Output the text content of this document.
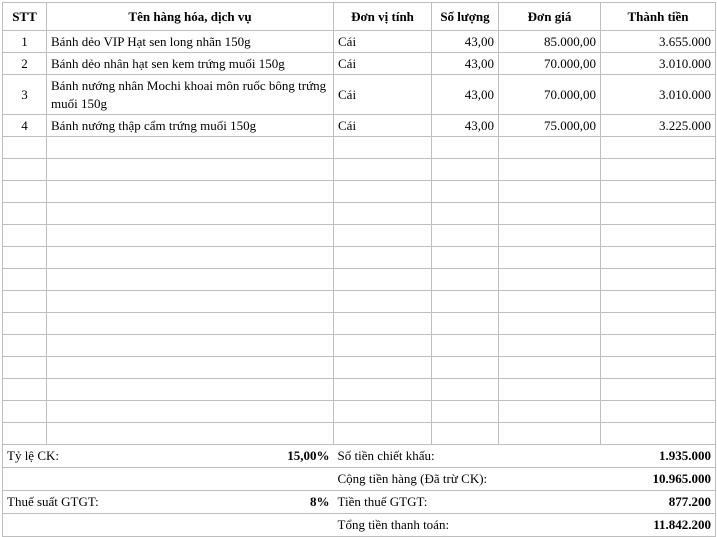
STT	Tên hàng hóa, dịch vụ	Đơn vị tính	Số lượng	Đơn giá	Thành tiền
1	Bánh dẻo VIP Hạt sen long nhãn 150g	Cái	43,00	85.000,00	3.655.000
2	Bánh dẻo nhân hạt sen kem trứng muối 150g	Cái	43,00	70.000,00	3.010.000
3	Bánh nướng nhân Mochi khoai môn ruốc bông trứng muối 150g	Cái	43,00	70.000,00	3.010.000
4	Bánh nướng thập cẩm trứng muối 150g	Cái	43,00	75.000,00	3.225.000

Tỷ lệ CK: 15,00%		Số tiền chiết khấu:			1.935.000
		Cộng tiền hàng (Đã trừ CK):			10.965.000
Thuế suất GTGT: 8%		Tiền thuế GTGT:			877.200
		Tổng tiền thanh toán:			11.842.200
